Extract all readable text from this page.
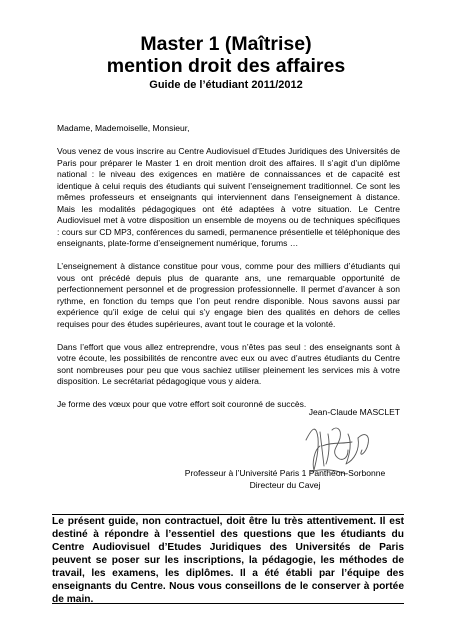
Master 1 (Maîtrise)
mention droit des affaires
Guide de l’étudiant 2011/2012

Madame, Mademoiselle, Monsieur,

Vous venez de vous inscrire au Centre Audiovisuel d’Etudes Juridiques des Universités de Paris pour préparer le Master 1 en droit mention droit des affaires. Il s’agit d’un diplôme national : le niveau des exigences en matière de connaissances et de capacité est identique à celui requis des étudiants qui suivent l’enseignement traditionnel. Ce sont les mêmes professeurs et enseignants qui interviennent dans l’enseignement à distance. Mais les modalités pédagogiques ont été adaptées à votre situation. Le Centre Audiovisuel met à votre disposition un ensemble de moyens ou de techniques spécifiques : cours sur CD MP3, conférences du samedi, permanence présentielle et téléphonique des enseignants, plate-forme d’enseignement numérique, forums …

L’enseignement à distance constitue pour vous, comme pour des milliers d’étudiants qui vous ont précédé depuis plus de quarante ans, une remarquable opportunité de perfectionnement personnel et de progression professionnelle. Il permet d’avancer à son rythme, en fonction du temps que l’on peut rendre disponible. Nous savons aussi par expérience qu’il exige de celui qui s’y engage bien des qualités en dehors de celles requises pour des études supérieures, avant tout le courage et la volonté.

Dans l’effort que vous allez entreprendre, vous n’êtes pas seul : des enseignants sont à votre écoute, les possibilités de rencontre avec eux ou avec d’autres étudiants du Centre sont nombreuses pour peu que vous sachiez utiliser pleinement les services mis à votre disposition. Le secrétariat pédagogique vous y aidera.

Je forme des vœux pour que votre effort soit couronné de succès.

Jean-Claude MASCLET

Professeur à l’Université Paris 1 Panthéon-Sorbonne
Directeur du Cavej
Le présent guide, non contractuel, doit être lu très attentivement. Il est destiné à répondre à l’essentiel des questions que les étudiants du Centre Audiovisuel d’Etudes Juridiques des Universités de Paris peuvent se poser sur les inscriptions, la pédagogie, les méthodes de travail, les examens, les diplômes. Il a été établi par l’équipe des enseignants du Centre. Nous vous conseillons de le conserver à portée de main.
